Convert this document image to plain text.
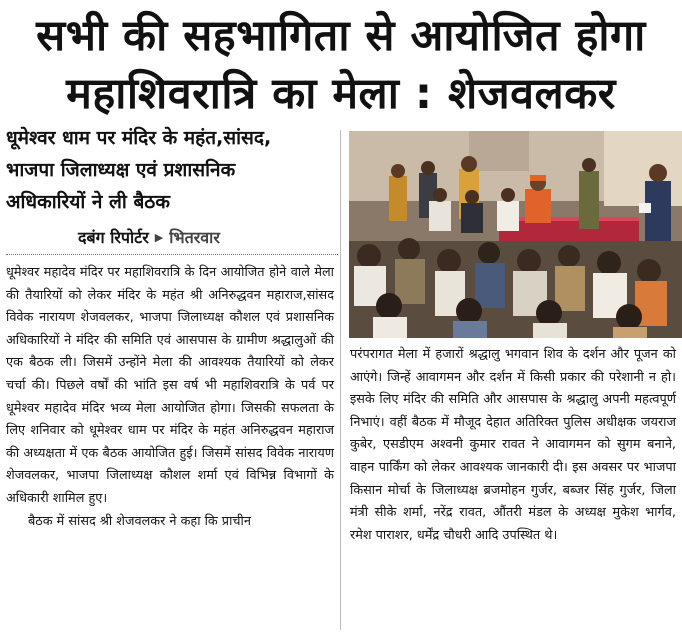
सभी की सहभागिता से आयोजित होगा
महाशिवरात्रि का मेला : शेजवलकर
धूमेश्वर धाम पर मंदिर के महंत,सांसद,
भाजपा जिलाध्यक्ष एवं प्रशासनिक
अधिकारियों ने ली बैठक
दबंग रिपोर्टर ▶ भितरवार

धूमेश्वर महादेव मंदिर पर महाशिवरात्रि के दिन आयोजित होने वाले मेला की तैयारियों को लेकर मंदिर के महंत श्री अनिरुद्धवन महाराज,सांसद विवेक नारायण शेजवलकर, भाजपा जिलाध्यक्ष कौशल एवं प्रशासनिक अधिकारियों ने मंदिर की समिति एवं आसपास के ग्रामीण श्रद्धालुओं की एक बैठक ली। जिसमें उन्होंने मेला की आवश्यक तैयारियों को लेकर चर्चा की। पिछले वर्षों की भांति इस वर्ष भी महाशिवरात्रि के पर्व पर धूमेश्वर महादेव मंदिर भव्य मेला आयोजित होगा। जिसकी सफलता के लिए शनिवार को धूमेश्वर धाम पर मंदिर के महंत अनिरुद्धवन महाराज की अध्यक्षता में एक बैठक आयोजित हुई। जिसमें सांसद विवेक नारायण शेजवलकर, भाजपा जिलाध्यक्ष कौशल शर्मा एवं विभिन्न विभागों के अधिकारी शामिल हुए।

बैठक में सांसद श्री शेजवलकर ने कहा कि प्राचीन

परंपरागत मेला में हजारों श्रद्धालु भगवान शिव के दर्शन और पूजन को आएंगे। जिन्हें आवागमन और दर्शन में किसी प्रकार की परेशानी न हो। इसके लिए मंदिर की समिति और आसपास के श्रद्धालु अपनी महत्वपूर्ण निभाएं। वहीं बैठक में मौजूद देहात अतिरिक्त पुलिस अधीक्षक जयराज कुबेर, एसडीएम अश्वनी कुमार रावत ने आवागमन को सुगम बनाने, वाहन पार्किंग को लेकर आवश्यक जानकारी दी। इस अवसर पर भाजपा किसान मोर्चा के जिलाध्यक्ष ब्रजमोहन गुर्जर, बब्जर सिंह गुर्जर, जिला मंत्री सीके शर्मा, नरेंद्र रावत, औंतरी मंडल के अध्यक्ष मुकेश भार्गव, रमेश पाराशर, धर्मेंद्र चौधरी आदि उपस्थित थे।
